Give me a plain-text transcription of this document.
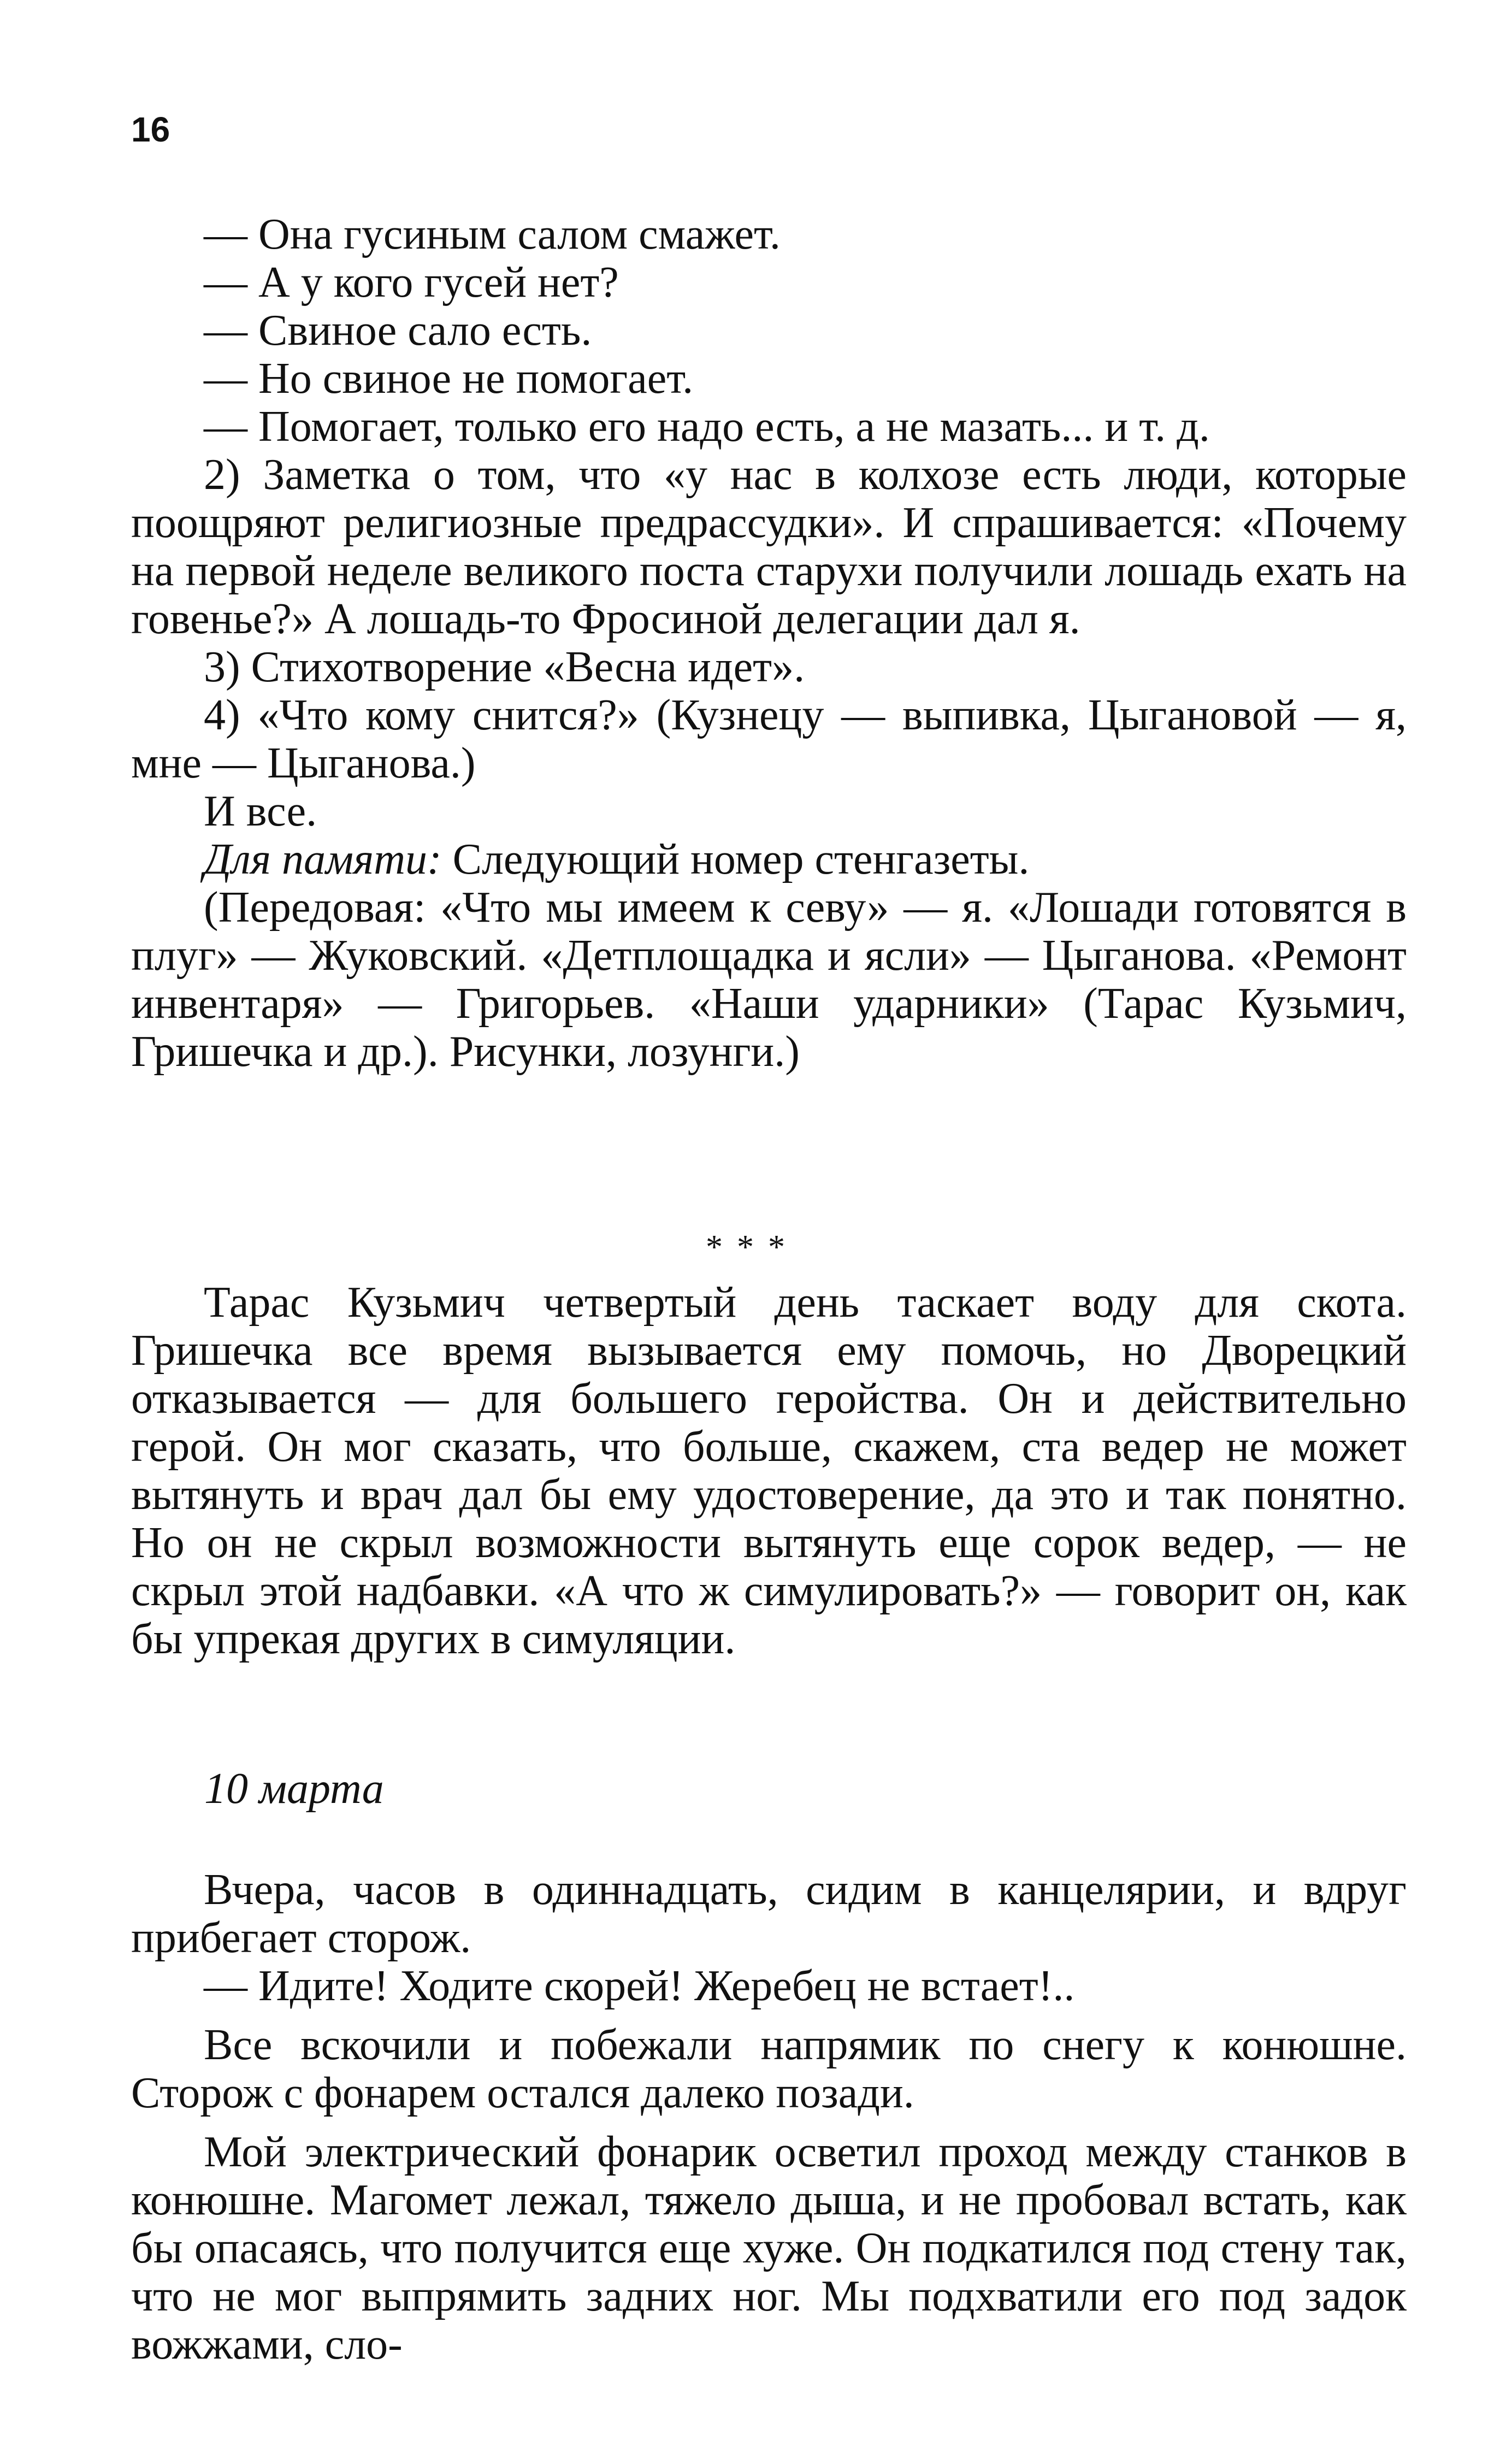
16

— Она гусиным салом смажет.

— А у кого гусей нет?

— Свиное сало есть.

— Но свиное не помогает.

— Помогает, только его надо есть, а не мазать... и т. д.

2) Заметка о том, что «у нас в колхозе есть люди, которые поощряют религиозные предрассудки». И спрашивается: «Почему на первой неделе великого поста старухи получили лошадь ехать на говенье?» А лошадь-то Фросиной делегации дал я.

3) Стихотворение «Весна идет».

4) «Что кому снится?» (Кузнецу — выпивка, Цыгановой — я, мне — Цыганова.)

И все.

Для памяти: Следующий номер стенгазеты.

(Передовая: «Что мы имеем к севу» — я. «Лошади готовятся в плуг» — Жуковский. «Детплощадка и ясли» — Цыганова. «Ремонт инвентаря» — Григорьев. «Наши ударники» (Тарас Кузьмич, Гришечка и др.). Рисунки, лозунги.)

***

Тарас Кузьмич четвертый день таскает воду для скота. Гришечка все время вызывается ему помочь, но Дворецкий отказывается — для большего геройства. Он и действительно герой. Он мог сказать, что больше, скажем, ста ведер не может вытянуть и врач дал бы ему удостоверение, да это и так понятно. Но он не скрыл возможности вытянуть еще сорок ведер, — не скрыл этой надбавки. «А что ж симулировать?» — говорит он, как бы упрекая других в симуляции.

10 марта

Вчера, часов в одиннадцать, сидим в канцелярии, и вдруг прибегает сторож.

— Идите! Ходите скорей! Жеребец не встает!..

Все вскочили и побежали напрямик по снегу к конюшне. Сторож с фонарем остался далеко позади.

Мой электрический фонарик осветил проход между станков в конюшне. Магомет лежал, тяжело дыша, и не пробовал встать, как бы опасаясь, что получится еще хуже. Он подкатился под стену так, что не мог выпрямить задних ног. Мы подхватили его под задок вожжами, сло-
